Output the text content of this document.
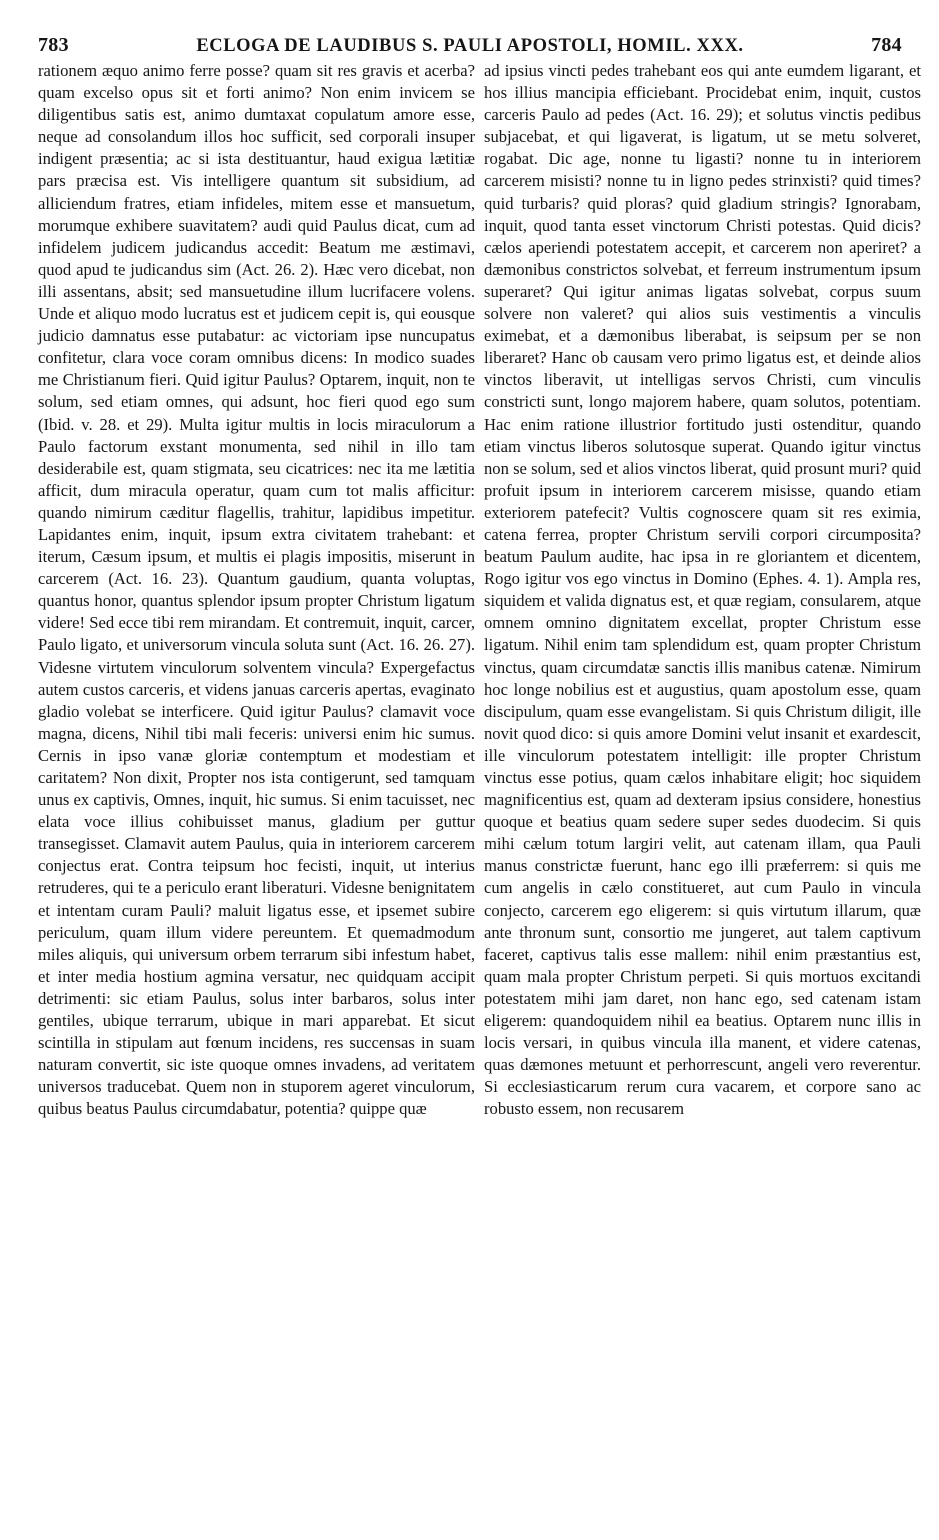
783	ECLOGA DE LAUDIBUS S. PAULI APOSTOLI, HOMIL. XXX.	784

rationem æquo animo ferre posse? quam sit res gravis et acerba? quam excelso opus sit et forti animo? Non enim invicem se diligentibus satis est, animo dumtaxat copulatum amore esse, neque ad consolandum illos hoc sufficit, sed corporali insuper indigent præsentia; ac si ista destituantur, haud exigua lætitiæ pars præcisa est. Vis intelligere quantum sit subsidium, ad alliciendum fratres, etiam infideles, mitem esse et mansuetum, morumque exhibere suavitatem? audi quid Paulus dicat, cum ad infidelem judicem judicandus accedit: Beatum me æstimavi, quod apud te judicandus sim (Act. 26. 2). Hæc vero dicebat, non illi assentans, absit; sed mansuetudine illum lucrifacere volens. Unde et aliquo modo lucratus est et judicem cepit is, qui eousque judicio damnatus esse putabatur: ac victoriam ipse nuncupatus confitetur, clara voce coram omnibus dicens: In modico suades me Christianum fieri. Quid igitur Paulus? Optarem, inquit, non te solum, sed etiam omnes, qui adsunt, hoc fieri quod ego sum (Ibid. v. 28. et 29). Multa igitur multis in locis miraculorum a Paulo factorum exstant monumenta, sed nihil in illo tam desiderabile est, quam stigmata, seu cicatrices: nec ita me lætitia afficit, dum miracula operatur, quam cum tot malis afficitur: quando nimirum cæditur flagellis, trahitur, lapidibus impetitur. Lapidantes enim, inquit, ipsum extra civitatem trahebant: et iterum, Cæsum ipsum, et multis ei plagis impositis, miserunt in carcerem (Act. 16. 23). Quantum gaudium, quanta voluptas, quantus honor, quantus splendor ipsum propter Christum ligatum videre! Sed ecce tibi rem mirandam. Et contremuit, inquit, carcer, Paulo ligato, et universorum vincula soluta sunt (Act. 16. 26. 27). Videsne virtutem vinculorum solventem vincula? Expergefactus autem custos carceris, et videns januas carceris apertas, evaginato gladio volebat se interficere. Quid igitur Paulus? clamavit voce magna, dicens, Nihil tibi mali feceris: universi enim hic sumus. Cernis in ipso vanæ gloriæ contemptum et modestiam et caritatem? Non dixit, Propter nos ista contigerunt, sed tamquam unus ex captivis, Omnes, inquit, hic sumus. Si enim tacuisset, nec elata voce illius cohibuisset manus, gladium per guttur transegisset. Clamavit autem Paulus, quia in interiorem carcerem conjectus erat. Contra teipsum hoc fecisti, inquit, ut interius retruderes, qui te a periculo erant liberaturi. Videsne benignitatem et intentam curam Pauli? maluit ligatus esse, et ipsemet subire periculum, quam illum videre pereuntem. Et quemadmodum miles aliquis, qui universum orbem terrarum sibi infestum habet, et inter media hostium agmina versatur, nec quidquam accipit detrimenti: sic etiam Paulus, solus inter barbaros, solus inter gentiles, ubique terrarum, ubique in mari apparebat. Et sicut scintilla in stipulam aut fœnum incidens, res succensas in suam naturam convertit, sic iste quoque omnes invadens, ad veritatem universos traducebat. Quem non in stuporem ageret vinculorum, quibus beatus Paulus circumdabatur, potentia? quippe quæ

ad ipsius vincti pedes trahebant eos qui ante eumdem ligarant, et hos illius mancipia efficiebant. Procidebat enim, inquit, custos carceris Paulo ad pedes (Act. 16. 29); et solutus vinctis pedibus subjacebat, et qui ligaverat, is ligatum, ut se metu solveret, rogabat. Dic age, nonne tu ligasti? nonne tu in interiorem carcerem misisti? nonne tu in ligno pedes strinxisti? quid times? quid turbaris? quid ploras? quid gladium stringis? Ignorabam, inquit, quod tanta esset vinctorum Christi potestas. Quid dicis? cælos aperiendi potestatem accepit, et carcerem non aperiret? a dæmonibus constrictos solvebat, et ferreum instrumentum ipsum superaret? Qui igitur animas ligatas solvebat, corpus suum solvere non valeret? qui alios suis vestimentis a vinculis eximebat, et a dæmonibus liberabat, is seipsum per se non liberaret? Hanc ob causam vero primo ligatus est, et deinde alios vinctos liberavit, ut intelligas servos Christi, cum vinculis constricti sunt, longo majorem habere, quam solutos, potentiam. Hac enim ratione illustrior fortitudo justi ostenditur, quando etiam vinctus liberos solutosque superat. Quando igitur vinctus non se solum, sed et alios vinctos liberat, quid prosunt muri? quid profuit ipsum in interiorem carcerem misisse, quando etiam exteriorem patefecit? Vultis cognoscere quam sit res eximia, catena ferrea, propter Christum servili corpori circumposita? beatum Paulum audite, hac ipsa in re gloriantem et dicentem, Rogo igitur vos ego vinctus in Domino (Ephes. 4. 1). Ampla res, siquidem et valida dignatus est, et quæ regiam, consularem, atque omnem omnino dignitatem excellat, propter Christum esse ligatum. Nihil enim tam splendidum est, quam propter Christum vinctus, quam circumdatæ sanctis illis manibus catenæ. Nimirum hoc longe nobilius est et augustius, quam apostolum esse, quam discipulum, quam esse evangelistam. Si quis Christum diligit, ille novit quod dico: si quis amore Domini velut insanit et exardescit, ille vinculorum potestatem intelligit: ille propter Christum vinctus esse potius, quam cælos inhabitare eligit; hoc siquidem magnificentius est, quam ad dexteram ipsius considere, honestius quoque et beatius quam sedere super sedes duodecim. Si quis mihi cælum totum largiri velit, aut catenam illam, qua Pauli manus constrictæ fuerunt, hanc ego illi præferrem: si quis me cum angelis in cælo constitueret, aut cum Paulo in vincula conjecto, carcerem ego eligerem: si quis virtutum illarum, quæ ante thronum sunt, consortio me jungeret, aut talem captivum faceret, captivus talis esse mallem: nihil enim præstantius est, quam mala propter Christum perpeti. Si quis mortuos excitandi potestatem mihi jam daret, non hanc ego, sed catenam istam eligerem: quandoquidem nihil ea beatius. Optarem nunc illis in locis versari, in quibus vincula illa manent, et videre catenas, quas dæmones metuunt et perhorrescunt, angeli vero reverentur. Si ecclesiasticarum rerum cura vacarem, et corpore sano ac robusto essem, non recusarem
